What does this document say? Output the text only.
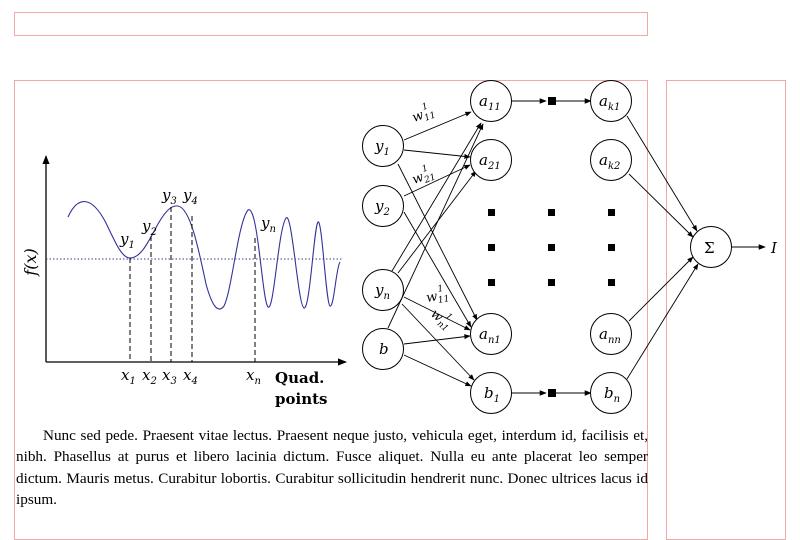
f(x)
$y_1$
$y_2$
$y_3$ $y_4$
$y_n$
$x_1$ $x_2$ $x_3$ $x_4$	$x_n$ Quad.
points
$y_1$
$y_2$
$y_n$
b
$a_{11}$
$a_{21}$
$a_{n1}$
$b_1$
$a_{k1}$
$a_{k2}$
$a_{nn}$
$b_n$
Σ	I
$w_{11}1$
$w_{21}1$
$w_{11}1$
$w_{n1}1$
Nunc sed pede. Praesent vitae lectus. Praesent neque justo, vehicula eget, interdum id, facilisis et, nibh. Phasellus at purus et libero lacinia dictum. Fusce aliquet. Nulla eu ante placerat leo semper dictum. Mauris metus. Curabitur lobortis. Curabitur sollicitudin hendrerit nunc. Donec ultrices lacus id ipsum.
